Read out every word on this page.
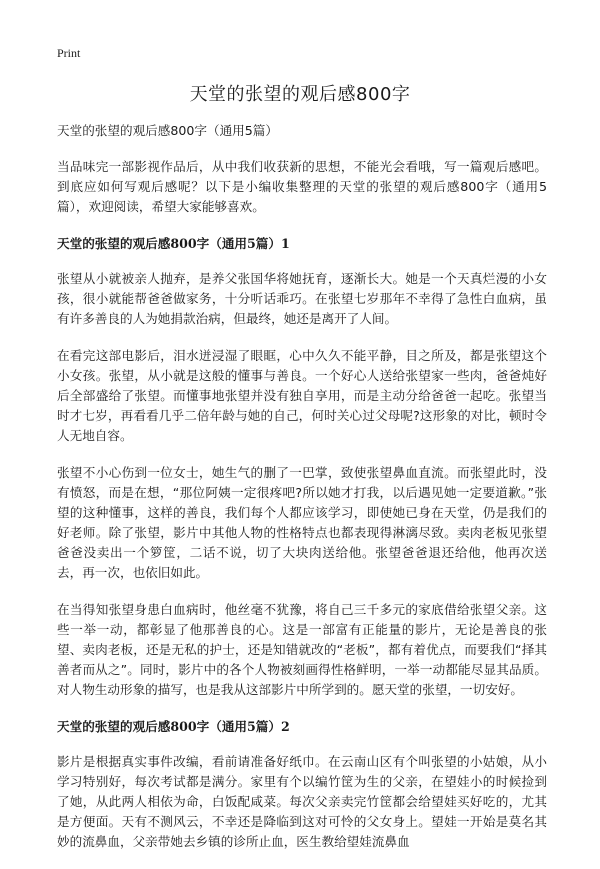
Print
天堂的张望的观后感800字

天堂的张望的观后感800字（通用5篇）

当品味完一部影视作品后，从中我们收获新的思想，不能光会看哦，写一篇观后感吧。到底应如何写观后感呢？以下是小编收集整理的天堂的张望的观后感800字（通用5篇），欢迎阅读，希望大家能够喜欢。

天堂的张望的观后感800字（通用5篇）1

张望从小就被亲人抛弃，是养父张国华将她抚育，逐渐长大。她是一个天真烂漫的小女孩，很小就能帮爸爸做家务，十分听话乖巧。在张望七岁那年不幸得了急性白血病，虽有许多善良的人为她捐款治病，但最终，她还是离开了人间。

在看完这部电影后，泪水迸浸湿了眼眶，心中久久不能平静，目之所及，都是张望这个小女孩。张望，从小就是这般的懂事与善良。一个好心人送给张望家一些肉，爸爸炖好后全部盛给了张望。而懂事地张望并没有独自享用，而是主动分给爸爸一起吃。张望当时才七岁，再看看几乎二倍年龄与她的自己，何时关心过父母呢?这形象的对比，顿时令人无地自容。

张望不小心伤到一位女士，她生气的删了一巴掌，致使张望鼻血直流。而张望此时，没有愤怒，而是在想，“那位阿姨一定很疼吧?所以她才打我，以后遇见她一定要道歉。”张望的这种懂事，这样的善良，我们每个人都应该学习，即使她已身在天堂，仍是我们的好老师。除了张望，影片中其他人物的性格特点也都表现得淋漓尽致。卖肉老板见张望爸爸没卖出一个箩筐，二话不说，切了大块肉送给他。张望爸爸退还给他，他再次送去，再一次，也依旧如此。

在当得知张望身患白血病时，他丝毫不犹豫，将自己三千多元的家底借给张望父亲。这些一举一动，都彰显了他那善良的心。这是一部富有正能量的影片，无论是善良的张望、卖肉老板，还是无私的护士，还是知错就改的“老板”，都有着优点，而要我们“择其善者而从之”。同时，影片中的各个人物被刻画得性格鲜明，一举一动都能尽显其品质。对人物生动形象的描写，也是我从这部影片中所学到的。愿天堂的张望，一切安好。

天堂的张望的观后感800字（通用5篇）2

影片是根据真实事件改编，看前请准备好纸巾。在云南山区有个叫张望的小姑娘，从小学习特别好，每次考试都是满分。家里有个以编竹筐为生的父亲，在望娃小的时候捡到了她，从此两人相依为命，白饭配咸菜。每次父亲卖完竹筐都会给望娃买好吃的，尤其是方便面。天有不测风云，不幸还是降临到这对可怜的父女身上。望娃一开始是莫名其妙的流鼻血，父亲带她去乡镇的诊所止血，医生教给望娃流鼻血
